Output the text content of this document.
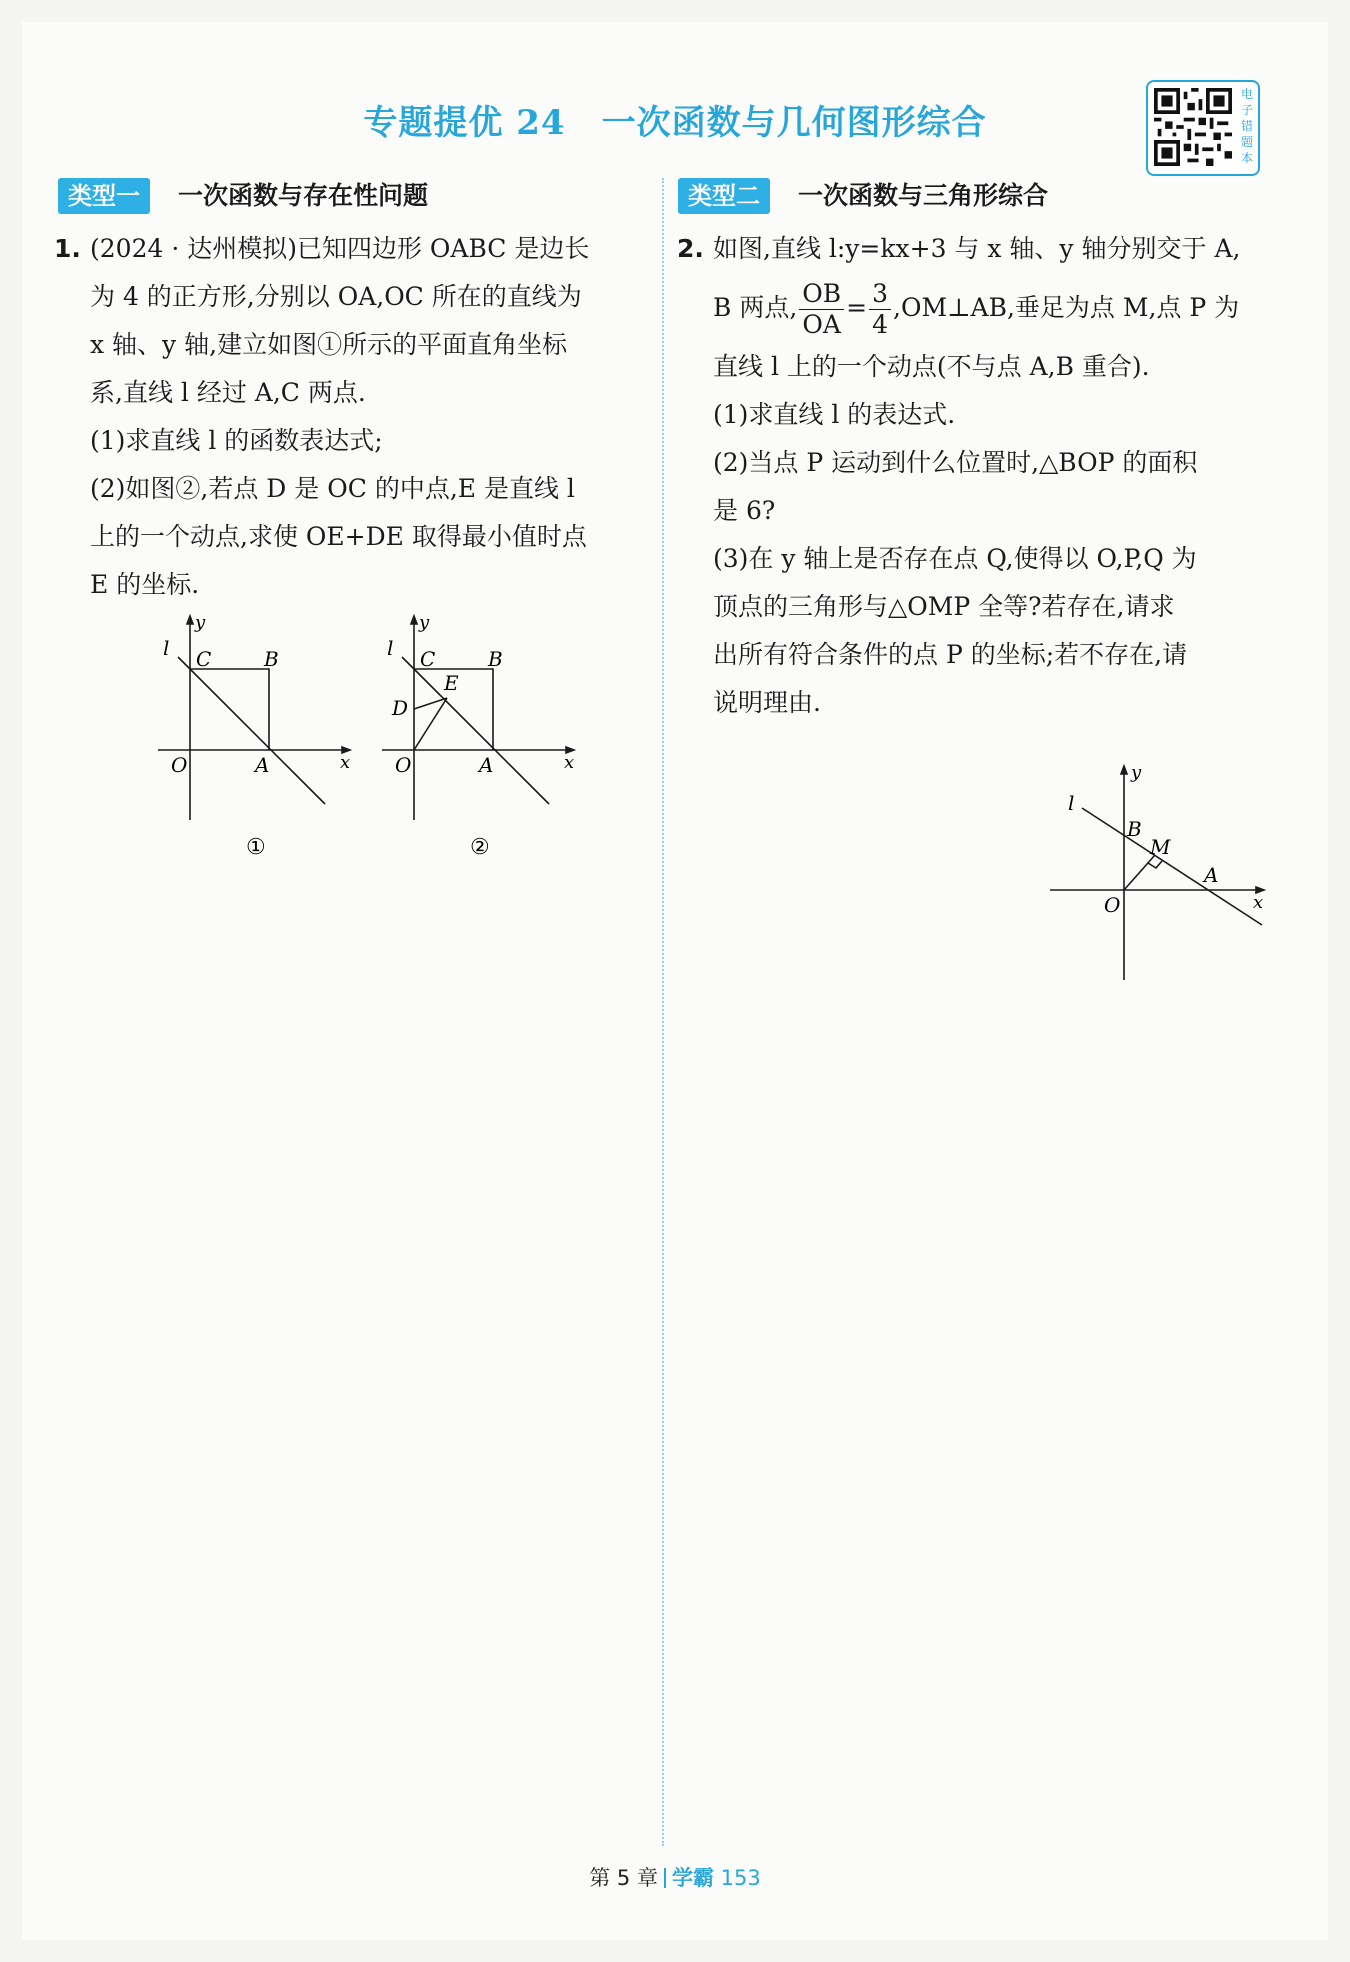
专题提优 24 一次函数与几何图形综合
电子错题本
类型一	一次函数与存在性问题
1. (2024 · 达州模拟)已知四边形 OABC 是边长

为 4 的正方形,分别以 OA,OC 所在的直线为

x 轴、y 轴,建立如图①所示的平面直角坐标

系,直线 l 经过 A,C 两点.

(1)求直线 l 的函数表达式;

(2)如图②,若点 D 是 OC 的中点,E 是直线 l

上的一个动点,求使 OE+DE 取得最小值时点

E 的坐标.

l
y
C	B
O	A	x
①
l
y
C	B
E
D
O	A	x
②
类型二	一次函数与三角形综合
2. 如图,直线 l:y=kx+3 与 x 轴、y 轴分别交于 A,

B 两点, $\frac{OB}{OA} = \frac{3}{4}$ ,OM⊥AB,垂足为点 M,点 P 为

直线 l 上的一个动点(不与点 A,B 重合).

(1)求直线 l 的表达式.

(2)当点 P 运动到什么位置时,△BOP 的面积

是 6?

(3)在 y 轴上是否存在点 Q,使得以 O,P,Q 为

顶点的三角形与△OMP 全等?若存在,请求

出所有符合条件的点 P 的坐标;若不存在,请

说明理由.

l
y
B
M
A
O	x
第 5 章 学霸 153
